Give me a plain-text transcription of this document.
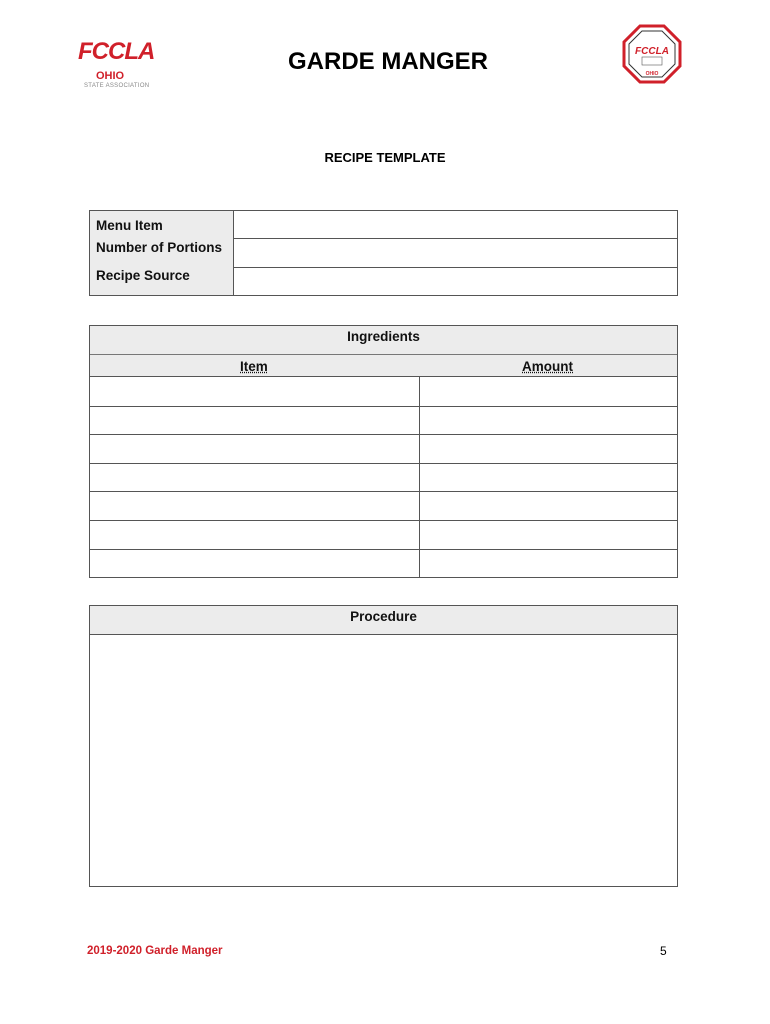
FCCLA
OHIO
STATE ASSOCIATION
GARDE MANGER	FCCLA
OHIO
RECIPE TEMPLATE
Menu Item
Number of Portions
Recipe Source
Ingredients
Item	Amount
Procedure
2019-2020 Garde Manger	5
